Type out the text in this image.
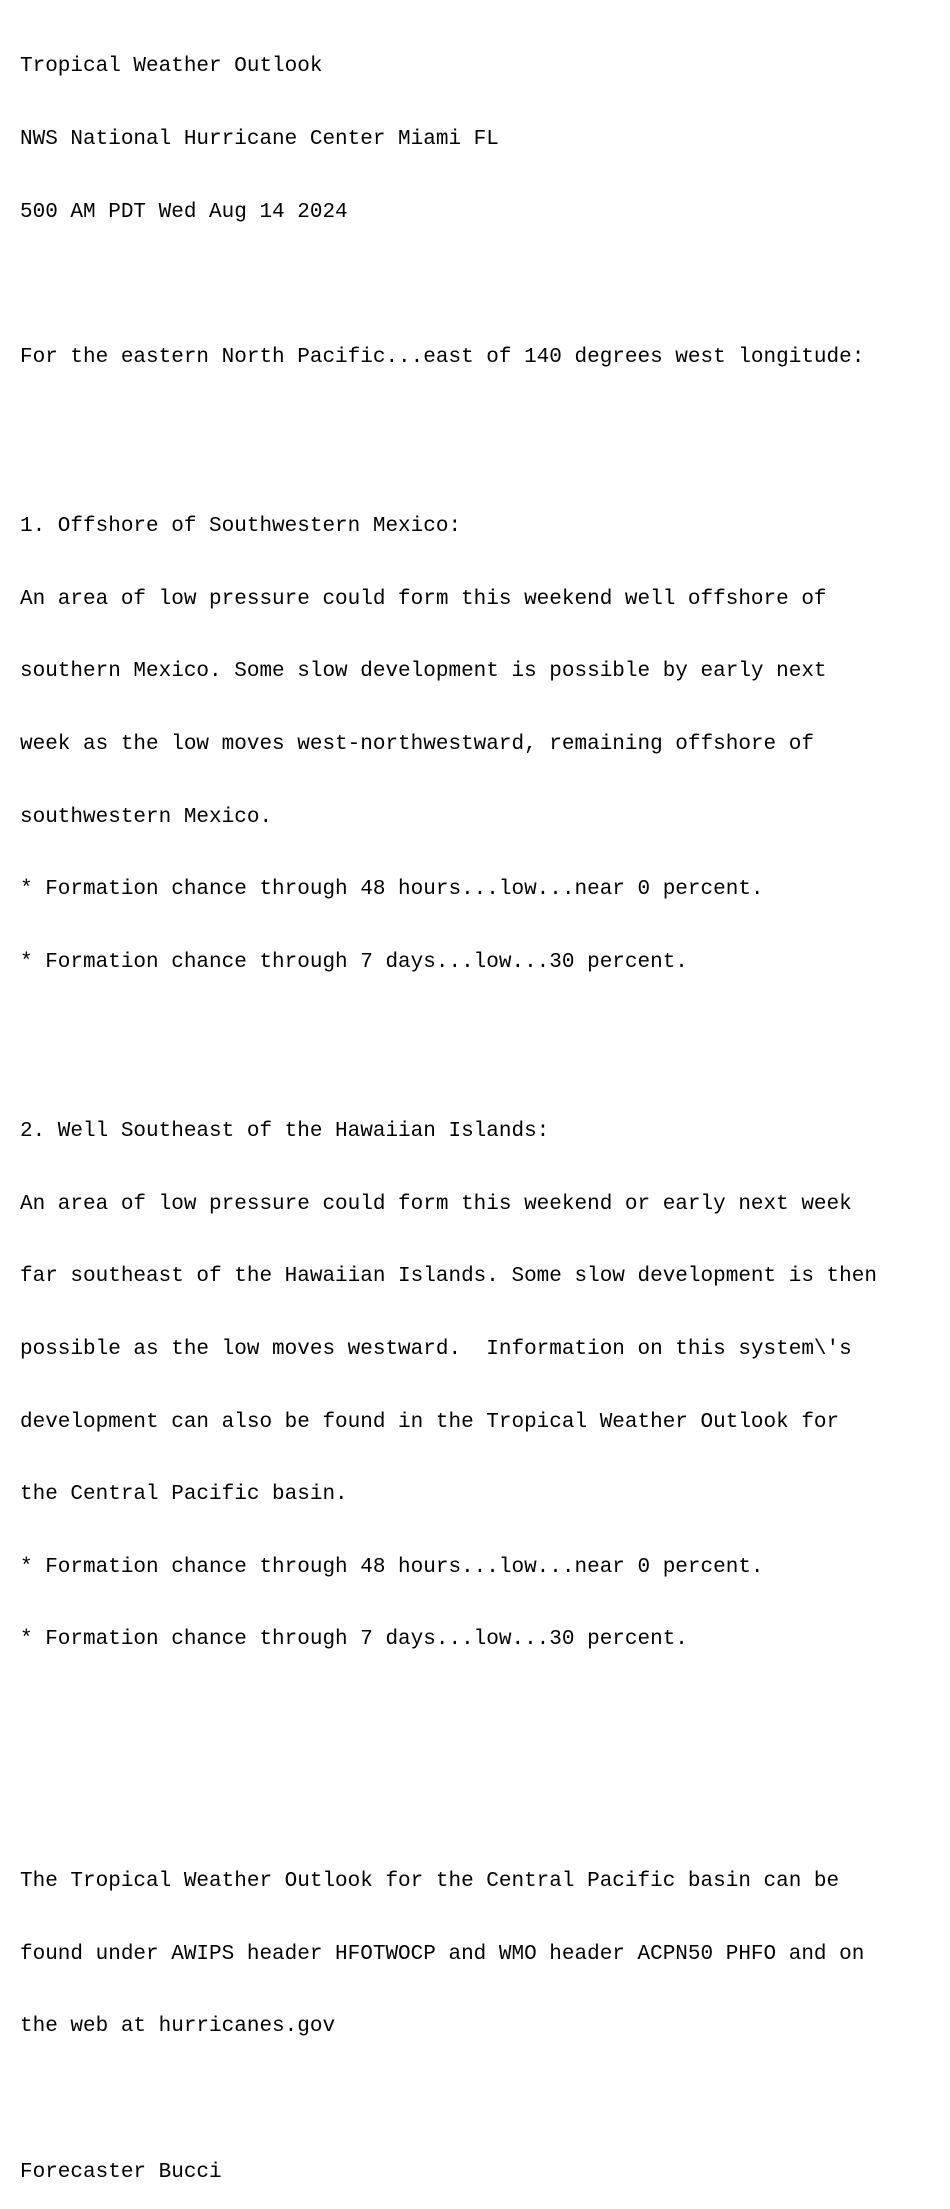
Tropical Weather Outlook

NWS National Hurricane Center Miami FL

500 AM PDT Wed Aug 14 2024

For the eastern North Pacific...east of 140 degrees west longitude:

1. Offshore of Southwestern Mexico:

An area of low pressure could form this weekend well offshore of

southern Mexico. Some slow development is possible by early next

week as the low moves west-northwestward, remaining offshore of

southwestern Mexico.

* Formation chance through 48 hours...low...near 0 percent.

* Formation chance through 7 days...low...30 percent.

2. Well Southeast of the Hawaiian Islands:

An area of low pressure could form this weekend or early next week

far southeast of the Hawaiian Islands. Some slow development is then

possible as the low moves westward.  Information on this system\'s

development can also be found in the Tropical Weather Outlook for

the Central Pacific basin.

* Formation chance through 48 hours...low...near 0 percent.

* Formation chance through 7 days...low...30 percent.

The Tropical Weather Outlook for the Central Pacific basin can be

found under AWIPS header HFOTWOCP and WMO header ACPN50 PHFO and on

the web at hurricanes.gov

Forecaster Bucci
